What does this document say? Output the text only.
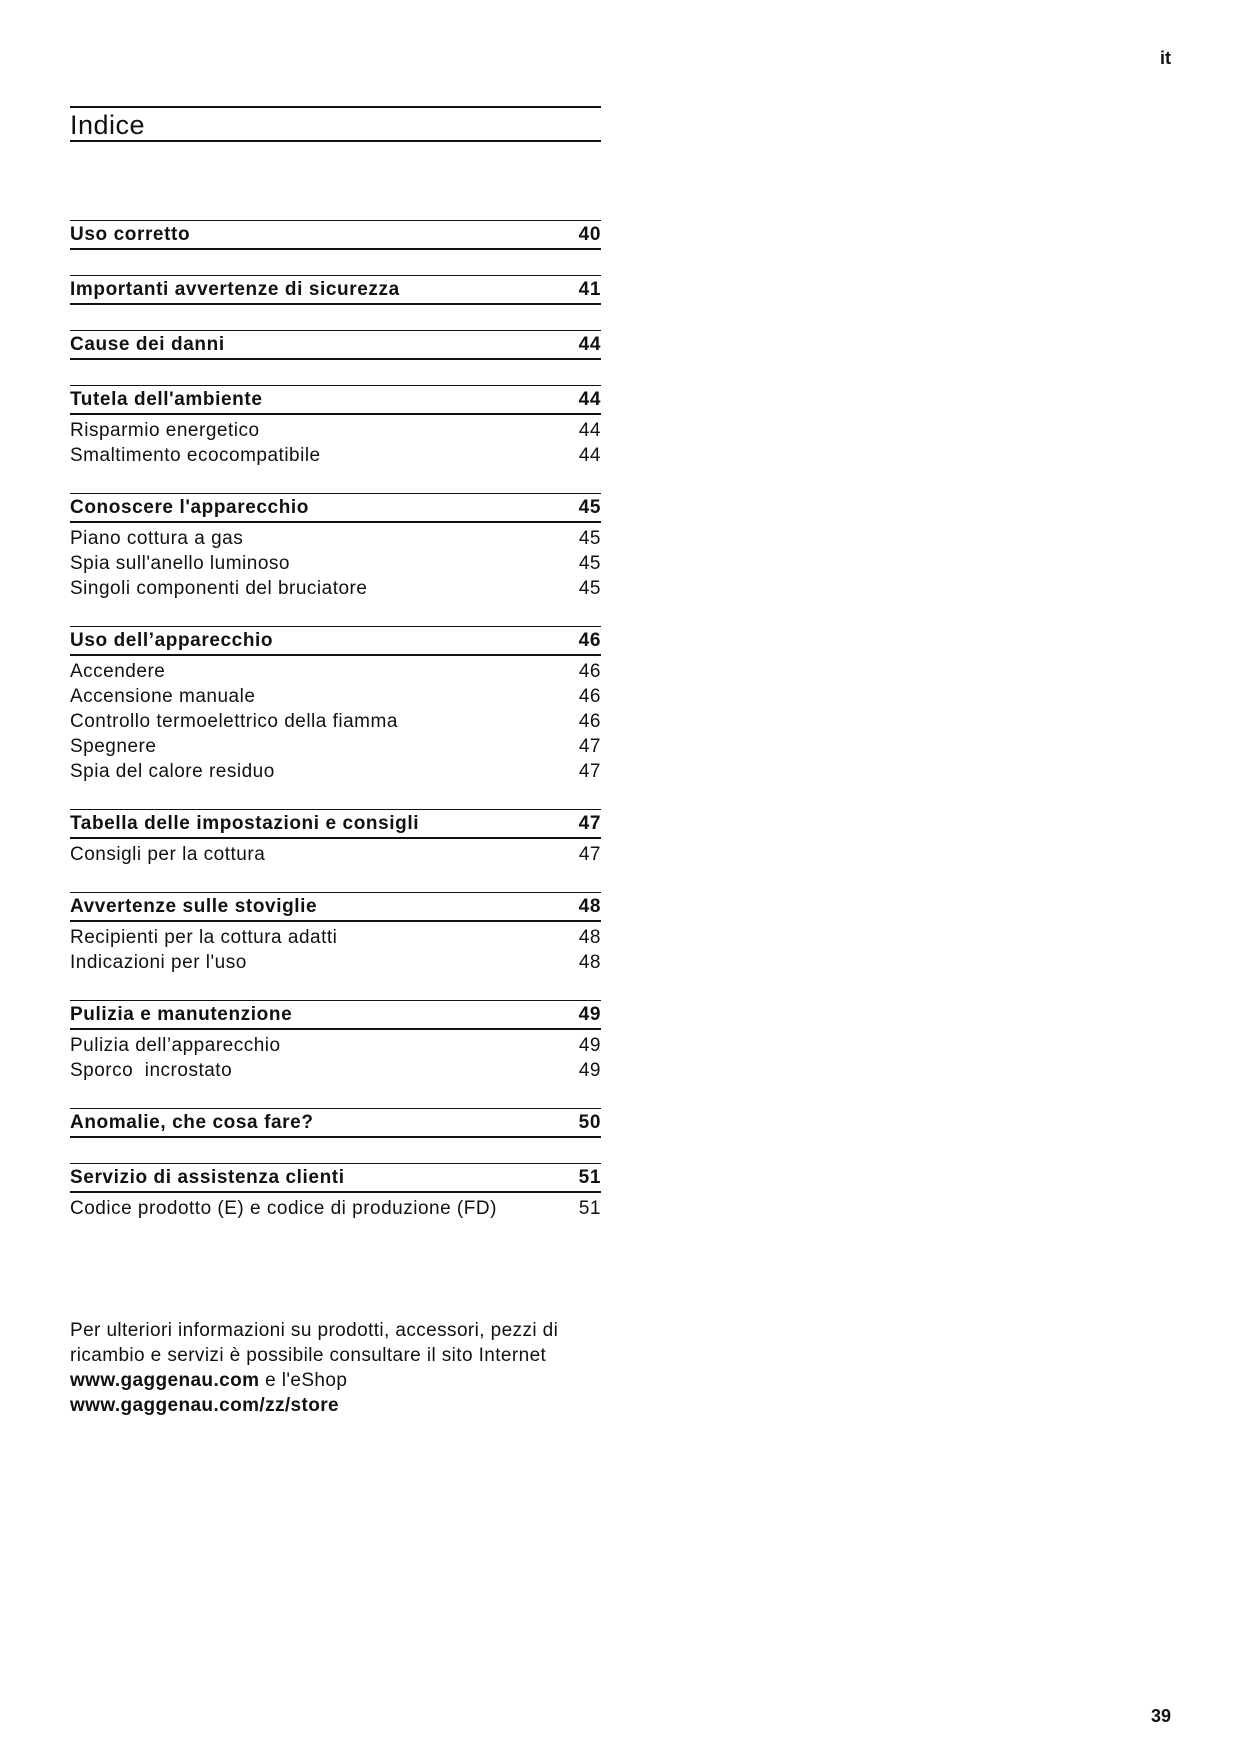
it
Indice
Uso corretto	40
Importanti avvertenze di sicurezza	41
Cause dei danni	44
Tutela dell'ambiente	44
Risparmio energetico	44
Smaltimento ecocompatibile	44
Conoscere l'apparecchio	45
Piano cottura a gas	45
Spia sull'anello luminoso	45
Singoli componenti del bruciatore	45
Uso dell’apparecchio	46
Accendere	46
Accensione manuale	46
Controllo termoelettrico della fiamma	46
Spegnere	47
Spia del calore residuo	47
Tabella delle impostazioni e consigli	47
Consigli per la cottura	47
Avvertenze sulle stoviglie	48
Recipienti per la cottura adatti	48
Indicazioni per l'uso	48
Pulizia e manutenzione	49
Pulizia dell’apparecchio	49
Sporco  incrostato	49
Anomalie, che cosa fare?	50
Servizio di assistenza clienti	51
Codice prodotto (E) e codice di produzione (FD)	51
Per ulteriori informazioni su prodotti, accessori, pezzi di
ricambio e servizi è possibile consultare il sito Internet
www.gaggenau.com e l'eShop
www.gaggenau.com/zz/store
39
